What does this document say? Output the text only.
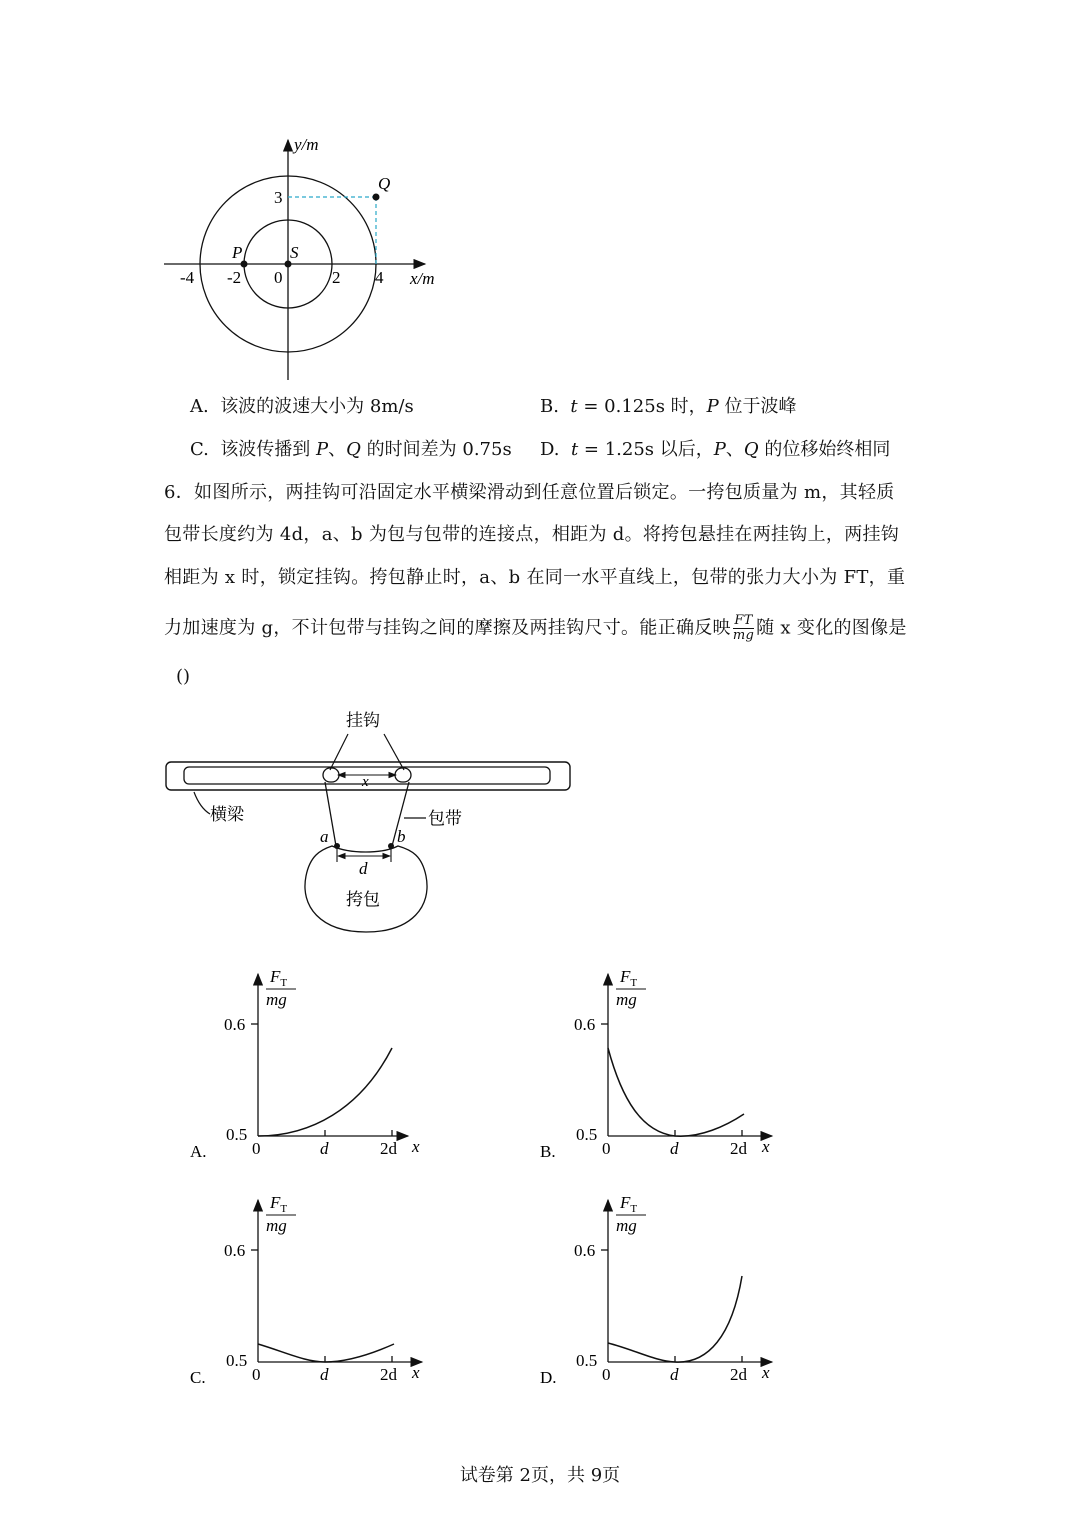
y/m
x/m
Q
P	S
3
-4 -2 0	2 4
A. 该波的波速大小为 8m/s	B. t = 0.125s 时，P 位于波峰
C. 该波传播到 P、Q 的时间差为 0.75s D. t = 1.25s 以后，P、Q 的位移始终相同
6．如图所示，两挂钩可沿固定水平横梁滑动到任意位置后锁定。一挎包质量为 m，其轻质
包带长度约为 4d，a、b 为包与包带的连接点，相距为 d。将挎包悬挂在两挂钩上，两挂钩
相距为 x 时，锁定挂钩。挎包静止时，a、b 在同一水平直线上，包带的张力大小为 FT，重
力加速度为 g，不计包带与挂钩之间的摩擦及两挂钩尺寸。能正确反映 $\frac{FT}{mg}$ 随 x 变化的图像是
()
挂钩
x
横梁	包带
a	b
d
挎包
$F_T$
mg
0.6
0.5
0	d	2d x
A.
$F_T$
mg
0.6
0.5
0	d	2d x
B.
$F_T$
mg
0.6
0.5
0	d	2d x
C.
$F_T$
mg
0.6
0.5
0	d	2d x
D.
试卷第 2页，共 9页
